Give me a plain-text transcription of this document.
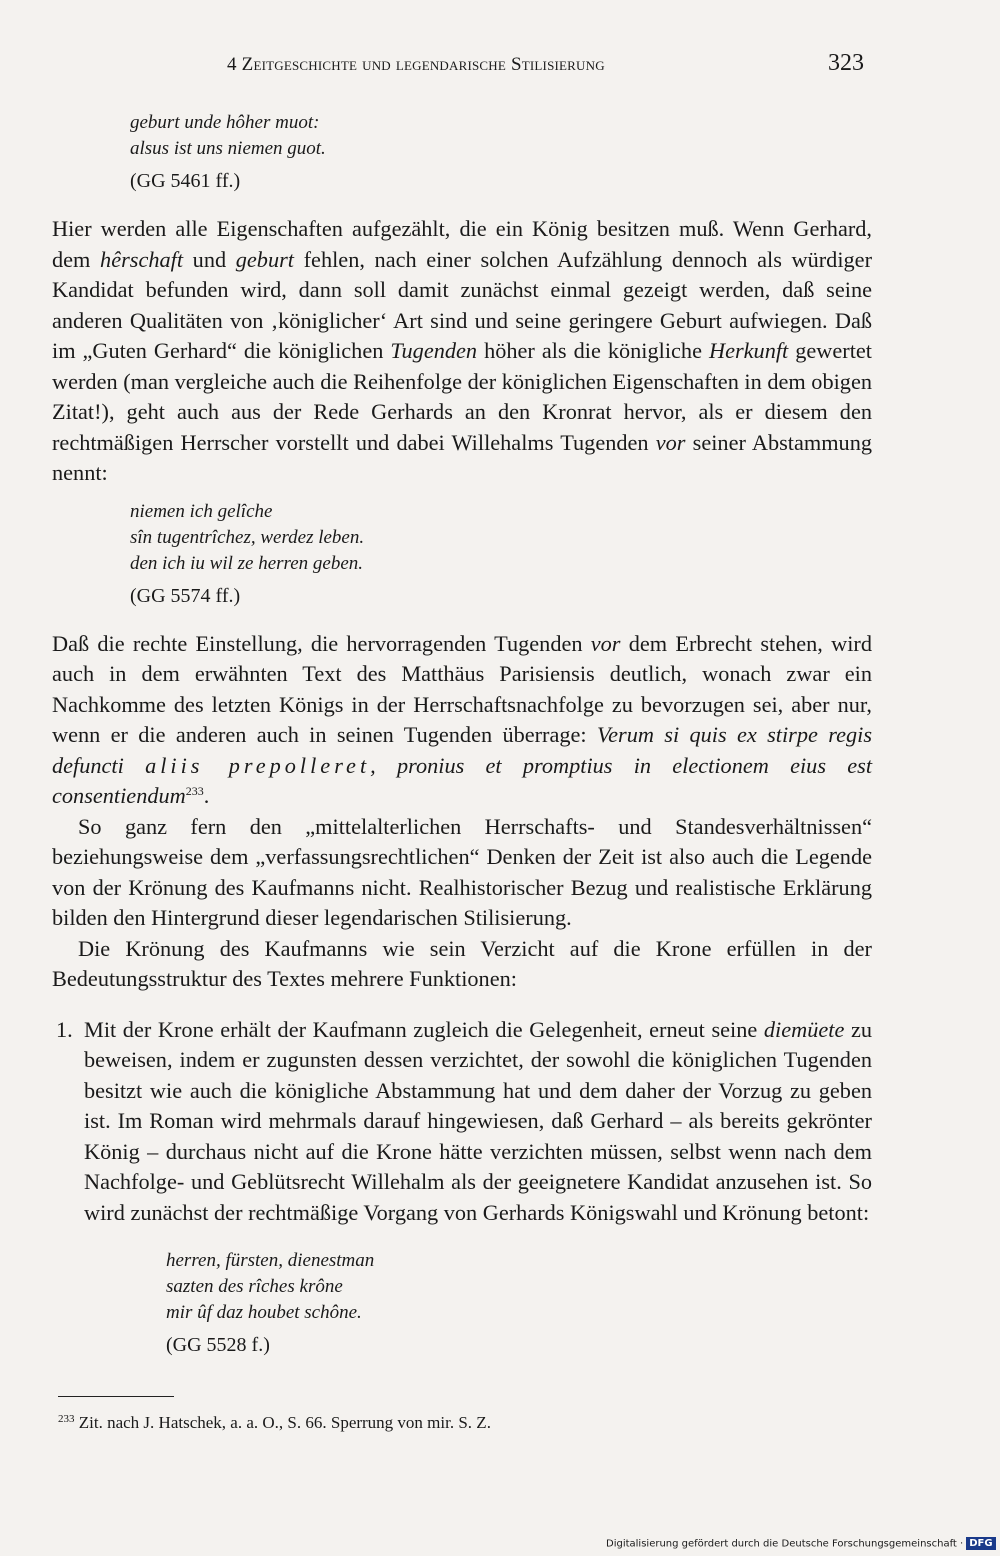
4 Zeitgeschichte und legendarische Stilisierung	323
geburt unde hôher muot:
alsus ist uns niemen guot.
(GG 5461 ff.)

Hier werden alle Eigenschaften aufgezählt, die ein König besitzen muß. Wenn Gerhard, dem hêrschaft und geburt fehlen, nach einer solchen Aufzählung dennoch als würdiger Kandidat befunden wird, dann soll damit zunächst einmal gezeigt werden, daß seine anderen Qualitäten von ‚königlicher‘ Art sind und seine geringere Geburt aufwiegen. Daß im „Guten Gerhard“ die königlichen Tugenden höher als die königliche Herkunft gewertet werden (man vergleiche auch die Reihenfolge der königlichen Eigenschaften in dem obigen Zitat!), geht auch aus der Rede Gerhards an den Kronrat hervor, als er diesem den rechtmäßigen Herrscher vorstellt und dabei Willehalms Tugenden vor seiner Abstammung nennt:

niemen ich gelîche
sîn tugentrîchez, werdez leben.
den ich iu wil ze herren geben.
(GG 5574 ff.)

Daß die rechte Einstellung, die hervorragenden Tugenden vor dem Erbrecht stehen, wird auch in dem erwähnten Text des Matthäus Parisiensis deutlich, wonach zwar ein Nachkomme des letzten Königs in der Herrschaftsnachfolge zu bevorzugen sei, aber nur, wenn er die anderen auch in seinen Tugenden überrage: Verum si quis ex stirpe regis defuncti aliis prepolleret, pronius et promptius in electionem eius est consentiendum$^{233}$.

So ganz fern den „mittelalterlichen Herrschafts- und Standesverhältnissen“ beziehungsweise dem „verfassungsrechtlichen“ Denken der Zeit ist also auch die Legende von der Krönung des Kaufmanns nicht. Realhistorischer Bezug und realistische Erklärung bilden den Hintergrund dieser legendarischen Stilisierung.

Die Krönung des Kaufmanns wie sein Verzicht auf die Krone erfüllen in der Bedeutungsstruktur des Textes mehrere Funktionen:

1. Mit der Krone erhält der Kaufmann zugleich die Gelegenheit, erneut seine diemüete zu beweisen, indem er zugunsten dessen verzichtet, der sowohl die königlichen Tugenden besitzt wie auch die königliche Abstammung hat und dem daher der Vorzug zu geben ist. Im Roman wird mehrmals darauf hingewiesen, daß Gerhard – als bereits gekrönter König – durchaus nicht auf die Krone hätte verzichten müssen, selbst wenn nach dem Nachfolge- und Geblütsrecht Willehalm als der geeignetere Kandidat anzusehen ist. So wird zunächst der rechtmäßige Vorgang von Gerhards Königswahl und Krönung betont:

herren, fürsten, dienestman
sazten des rîches krône
mir ûf daz houbet schône.
(GG 5528 f.)
$^{233}$ Zit. nach J. Hatschek, a. a. O., S. 66. Sperrung von mir. S. Z.
Digitalisierung gefördert durch die Deutsche Forschungsgemeinschaft · DFG
